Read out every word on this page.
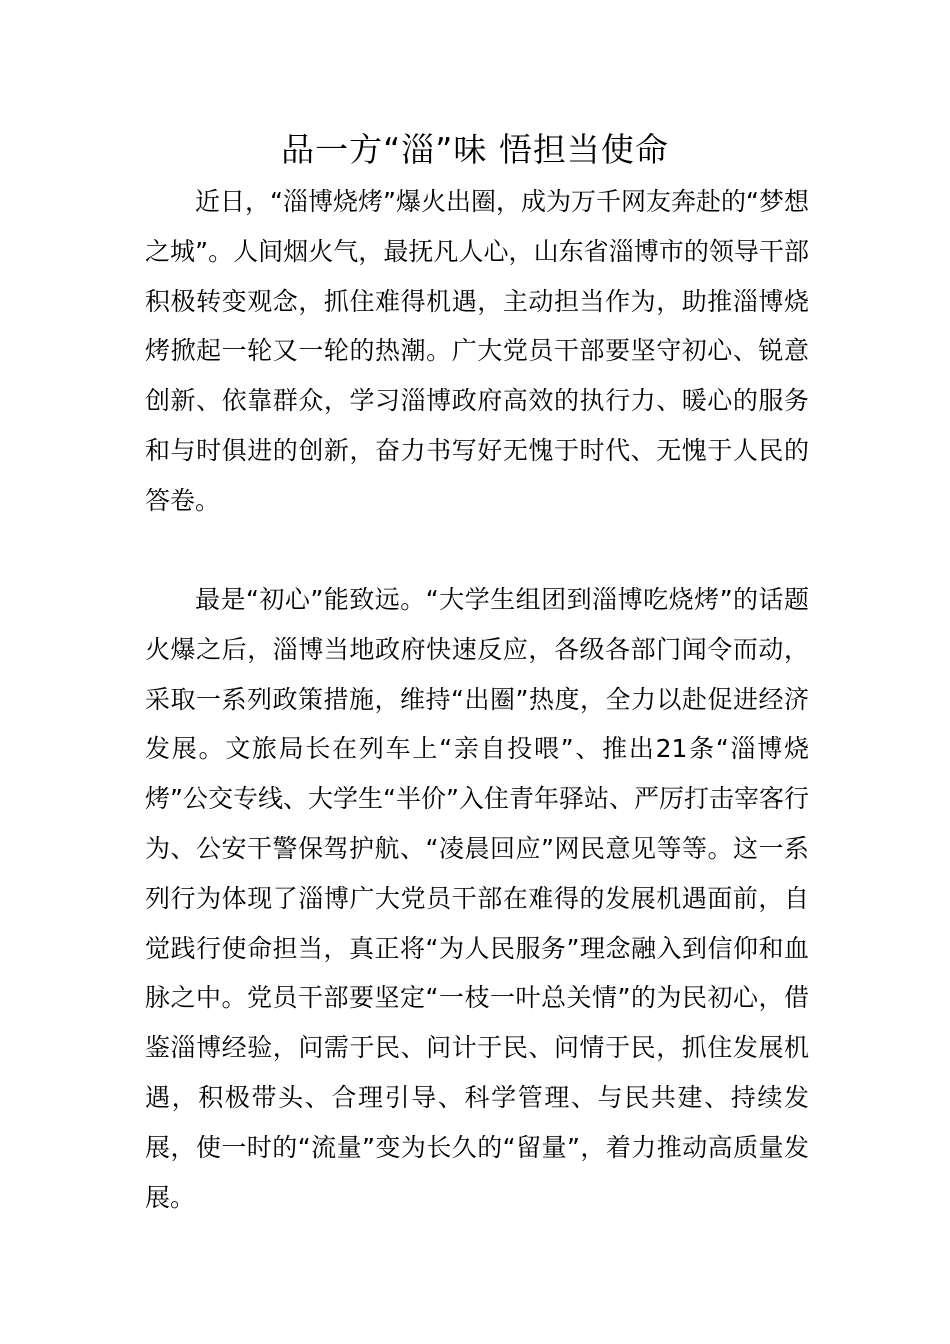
品一方“淄”味 悟担当使命

近日，“淄博烧烤”爆火出圈，成为万千网友奔赴的“梦想之城”。人间烟火气，最抚凡人心，山东省淄博市的领导干部积极转变观念，抓住难得机遇，主动担当作为，助推淄博烧烤掀起一轮又一轮的热潮。广大党员干部要坚守初心、锐意创新、依靠群众，学习淄博政府高效的执行力、暖心的服务和与时俱进的创新，奋力书写好无愧于时代、无愧于人民的答卷。

最是“初心”能致远。“大学生组团到淄博吃烧烤”的话题火爆之后，淄博当地政府快速反应，各级各部门闻令而动，采取一系列政策措施，维持“出圈”热度，全力以赴促进经济发展。文旅局长在列车上“亲自投喂”、推出21条“淄博烧烤”公交专线、大学生“半价”入住青年驿站、严厉打击宰客行为、公安干警保驾护航、“凌晨回应”网民意见等等。这一系列行为体现了淄博广大党员干部在难得的发展机遇面前，自觉践行使命担当，真正将“为人民服务”理念融入到信仰和血脉之中。党员干部要坚定“一枝一叶总关情”的为民初心，借鉴淄博经验，问需于民、问计于民、问情于民，抓住发展机遇，积极带头、合理引导、科学管理、与民共建、持续发展，使一时的“流量”变为长久的“留量”，着力推动高质量发展。
